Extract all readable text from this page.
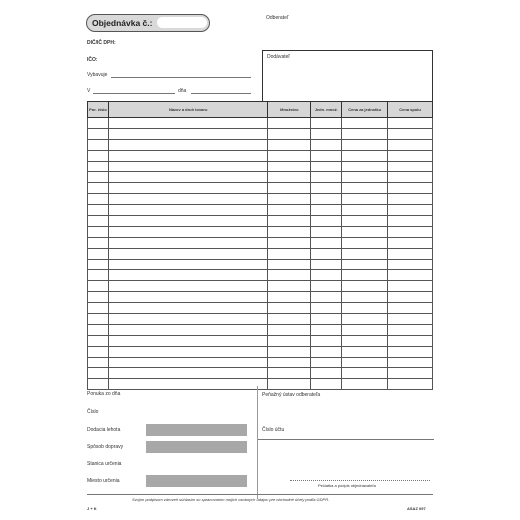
Objednávka č.:	Odberateľ
DIČ/IČ DPH:
IČO:
Vybavuje
V	dňa
Dodávateľ
Por. číslo	Názov a druh tovaru	Množstvo	Jedn. množ.	Cena za jednotku	Cena spolu

Ponuka zo dňa
Číslo
Dodacia lehota
Spôsob dopravy
Stanica určenia
Miesto určenia
Peňažný ústav odberateľa
Číslo účtu
Pečiatka a podpis objednávateľa
Svojím podpisom zároveň súhlasím so spracovaním mojich osobných údajov pre obchodné účely podľa GDPR.
J + K	ASAZ 097
